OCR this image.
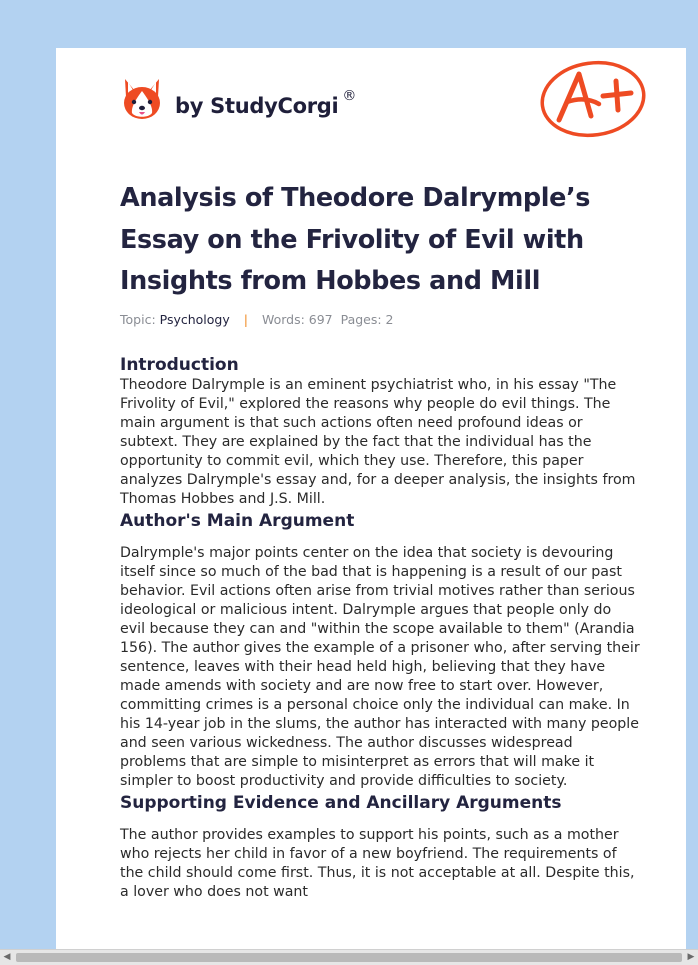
by StudyCorgi ®
Analysis of Theodore Dalrymple’s Essay on the Frivolity of Evil with Insights from Hobbes and Mill
Topic: Psychology | Words: 697 Pages: 2
Introduction

Theodore Dalrymple is an eminent psychiatrist who, in his essay "The Frivolity of Evil," explored the reasons why people do evil things. The main argument is that such actions often need profound ideas or subtext. They are explained by the fact that the individual has the opportunity to commit evil, which they use. Therefore, this paper analyzes Dalrymple's essay and, for a deeper analysis, the insights from Thomas Hobbes and J.S. Mill.

Author's Main Argument

Dalrymple's major points center on the idea that society is devouring itself since so much of the bad that is happening is a result of our past behavior. Evil actions often arise from trivial motives rather than serious ideological or malicious intent. Dalrymple argues that people only do evil because they can and "within the scope available to them" (Arandia 156). The author gives the example of a prisoner who, after serving their sentence, leaves with their head held high, believing that they have made amends with society and are now free to start over. However, committing crimes is a personal choice only the individual can make. In his 14-year job in the slums, the author has interacted with many people and seen various wickedness. The author discusses widespread problems that are simple to misinterpret as errors that will make it simpler to boost productivity and provide difficulties to society.

Supporting Evidence and Ancillary Arguments

The author provides examples to support his points, such as a mother who rejects her child in favor of a new boyfriend. The requirements of the child should come first. Thus, it is not acceptable at all. Despite this, a lover who does not want

◀	▶
